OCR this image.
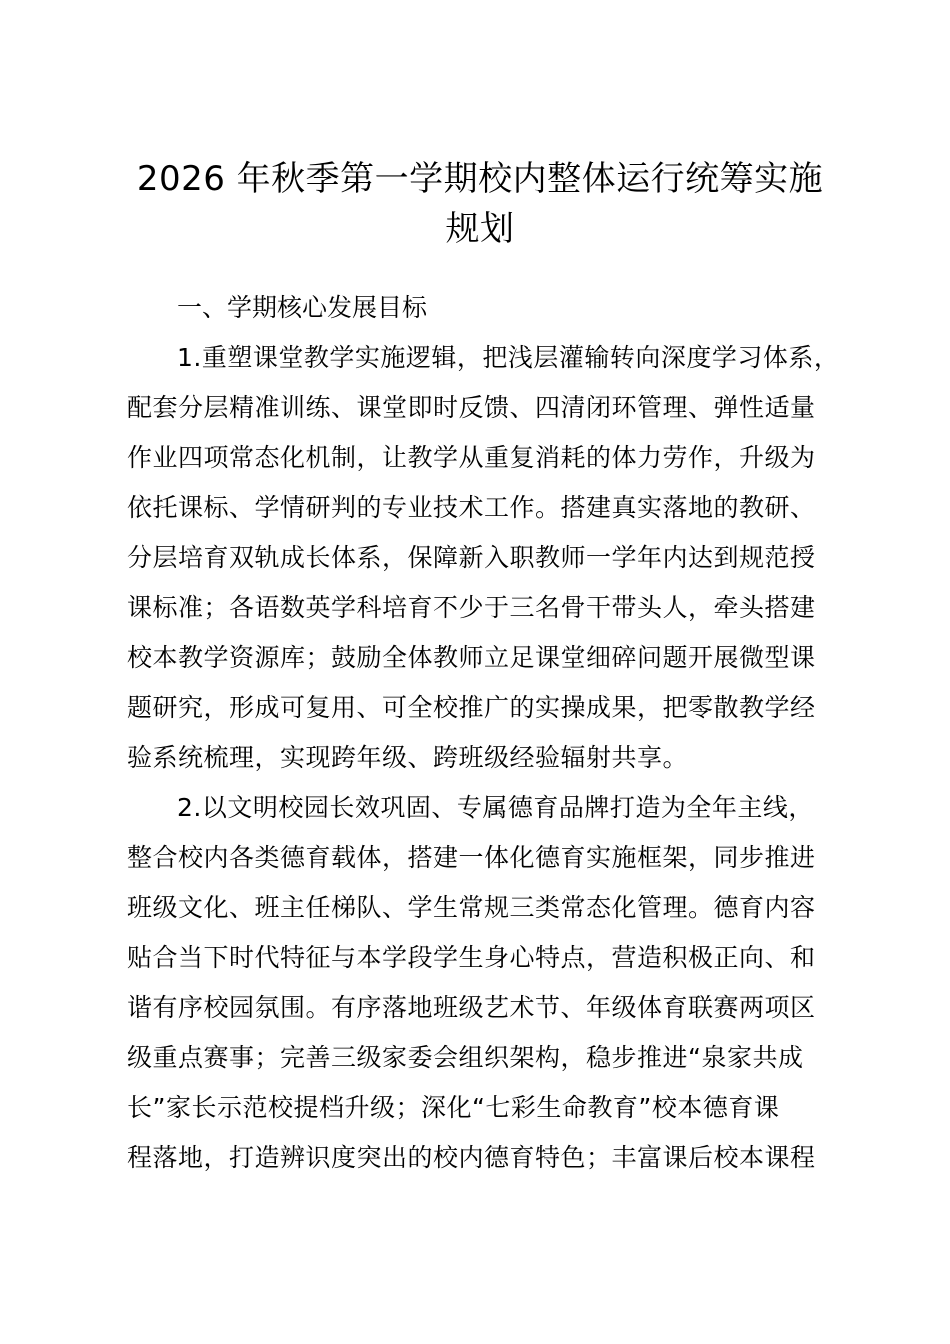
2026 年秋季第一学期校内整体运行统筹实施
规划

一、学期核心发展目标

1.重塑课堂教学实施逻辑，把浅层灌输转向深度学习体系，
配套分层精准训练、课堂即时反馈、四清闭环管理、弹性适量
作业四项常态化机制，让教学从重复消耗的体力劳作，升级为
依托课标、学情研判的专业技术工作。搭建真实落地的教研、
分层培育双轨成长体系，保障新入职教师一学年内达到规范授
课标准；各语数英学科培育不少于三名骨干带头人，牵头搭建
校本教学资源库；鼓励全体教师立足课堂细碎问题开展微型课
题研究，形成可复用、可全校推广的实操成果，把零散教学经
验系统梳理，实现跨年级、跨班级经验辐射共享。

2.以文明校园长效巩固、专属德育品牌打造为全年主线，
整合校内各类德育载体，搭建一体化德育实施框架，同步推进
班级文化、班主任梯队、学生常规三类常态化管理。德育内容
贴合当下时代特征与本学段学生身心特点，营造积极正向、和
谐有序校园氛围。有序落地班级艺术节、年级体育联赛两项区
级重点赛事；完善三级家委会组织架构，稳步推进“泉家共成
长”家长示范校提档升级；深化“七彩生命教育”校本德育课
程落地，打造辨识度突出的校内德育特色；丰富课后校本课程
